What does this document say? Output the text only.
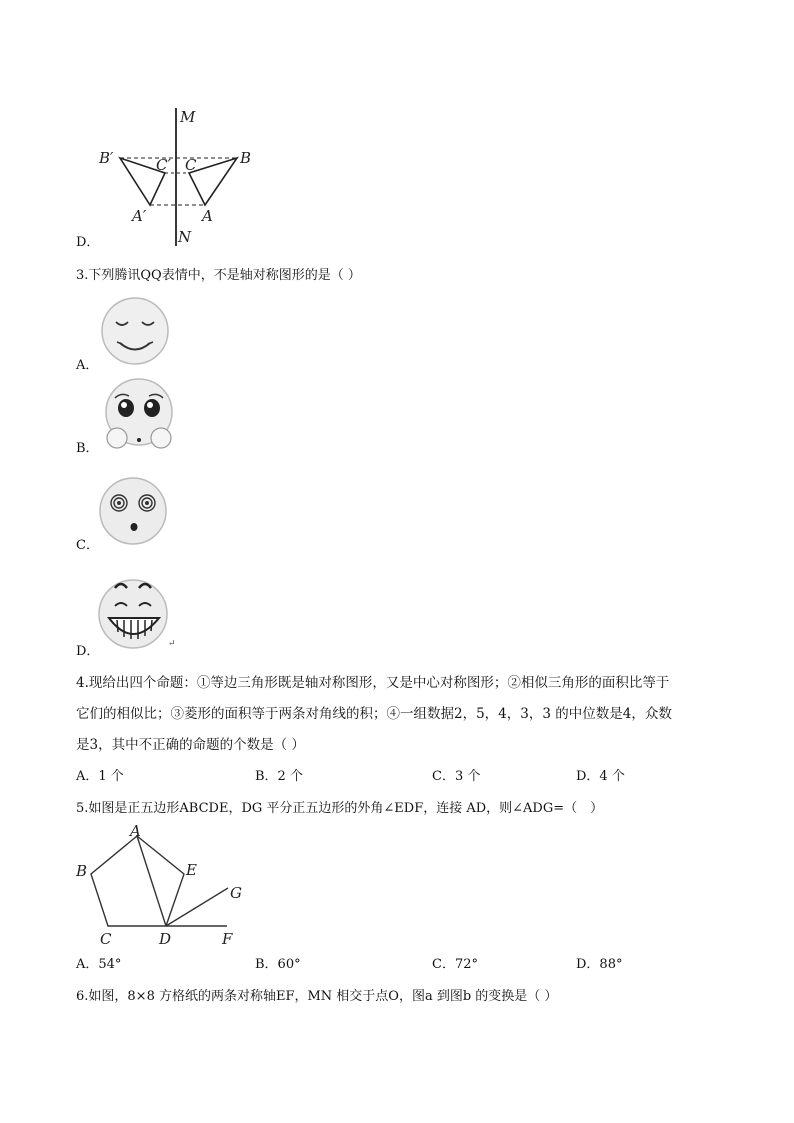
M
N
B′	C′
A′
C	B
A
D．
3.下列腾讯QQ表情中，不是轴对称图形的是（ ）
A．
B．
C．
↵
D．
4.现给出四个命题：①等边三角形既是轴对称图形，又是中心对称图形；②相似三角形的面积比等于
它们的相似比；③菱形的面积等于两条对角线的积；④一组数据2，5，4，3，3 的中位数是4，众数
是3，其中不正确的命题的个数是（ ）
A．1 个	B．2 个	C．3 个	D．4 个
5.如图是正五边形ABCDE，DG 平分正五边形的外角∠EDF，连接 AD，则∠ADG=（　）
A
B
C	D
E
F
G
A．54°	B．60°	C．72°	D．88°
6.如图，8×8 方格纸的两条对称轴EF，MN 相交于点O，图a 到图b 的变换是（ ）
